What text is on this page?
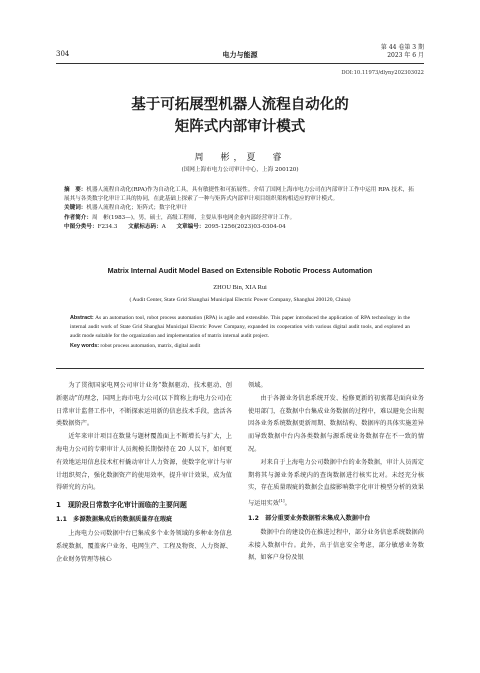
304	电力与能源
第 44 卷第 3 期
2023 年 6 月
DOI:10.11973/dlyny202303022
基于可拓展型机器人流程自动化的
矩阵式内部审计模式
周　彬，夏　睿
(国网上海市电力公司审计中心，上海 200120)

摘　要：机器人流程自动化(RPA)作为自动化工具，具有敏捷性和可拓展性。介绍了国网上海市电力公司在内部审计工作中运用 RPA 技术，拓展其与各类数字化审计工具的协同，在此基础上探索了一种与矩阵式内部审计项目组织架构相适应的审计模式。

关键词：机器人流程自动化；矩阵式；数字化审计

作者简介：周　彬(1983—)，男，硕士，高级工程师，主要从事电网企业内部经营审计工作。

中图分类号：F234.3 文献标志码：A 文章编号：2095-1256(2023)03-0304-04

Matrix Internal Audit Model Based on Extensible Robotic Process Automation
ZHOU Bin, XIA Rui
( Audit Center, State Grid Shanghai Municipal Electric Power Company, Shanghai 200120, China)

Abstract: As an automation tool, robot process automation (RPA) is agile and extensible. This paper introduced the application of RPA technology in the internal audit work of State Grid Shanghai Municipal Electric Power Company, expanded its cooperation with various digital audit tools, and explored an audit mode suitable for the organization and implementation of matrix internal audit project.

Key words: robot process automation, matrix, digital audit

为了贯彻国家电网公司审计业务“数据驱动、技术驱动、创新驱动”的理念，国网上海市电力公司(以下简称上海电力公司)在日常审计监督工作中，不断探索运用新的信息技术手段，盘活各类数据资产。

近年来审计项目在数量与题材覆盖面上不断增长与扩大，上海电力公司的专职审计人员规模长期保持在 20 人以下，如何更有效地运用信息技术杠杆撬动审计人力资源，使数字化审计与审计组织契合，强化数据资产的使用效率，提升审计效果，成为值得研究的方向。

1　现阶段日常数字化审计面临的主要问题
1.1　多源数据集成后的数据质量存在瑕疵

上海电力公司数据中台已集成多个业务领域的多种业务信息系统数据，覆盖客户业务、电网生产、工程及物资、人力资源、企业财务管理等核心

领域。

由于各源业务信息系统开发、检修更新的初衷都是面向业务使用部门，在数据中台集成业务数据的过程中，难以避免会出现因各业务系统数据更新周期、数据结构、数据库的具体实施差异而导致数据中台内各类数据与源系统业务数据存在不一致的情况。

对来自于上海电力公司数据中台的业务数据，审计人员需定期将其与源业务系统内的查询数据进行核实比对。未经充分核实，存在质量瑕疵的数据会直接影响数字化审计模型分析的效果与运用实效[1]。

1.2　部分重要业务数据暂未集成入数据中台

数据中台的建设仍在推进过程中，部分业务信息系统数据尚未接入数据中台。此外，出于信息安全考虑，部分敏感业务数据，如客户身份及银
